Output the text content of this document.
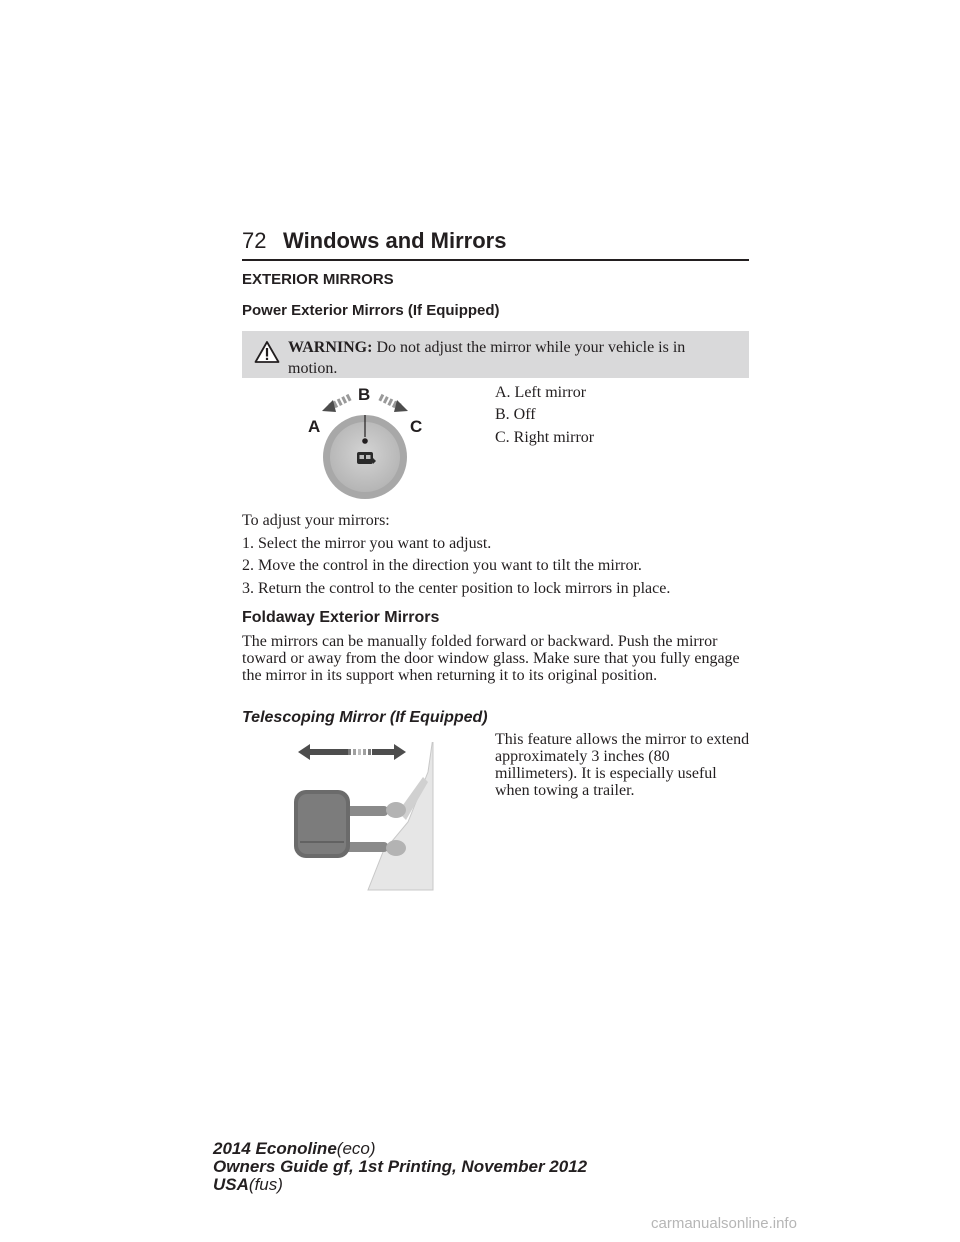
72 Windows and Mirrors
EXTERIOR MIRRORS
Power Exterior Mirrors (If Equipped)
WARNING: Do not adjust the mirror while your vehicle is in motion.
B
A	C
A. Left mirror
B. Off
C. Right mirror
To adjust your mirrors:
1. Select the mirror you want to adjust.
2. Move the control in the direction you want to tilt the mirror.
3. Return the control to the center position to lock mirrors in place.
Foldaway Exterior Mirrors
The mirrors can be manually folded forward or backward. Push the mirror toward or away from the door window glass. Make sure that you fully engage the mirror in its support when returning it to its original position.
Telescoping Mirror (If Equipped)
This feature allows the mirror to extend approximately 3 inches (80 millimeters). It is especially useful when towing a trailer.
2014 Econoline(eco)
Owners Guide gf, 1st Printing, November 2012
USA(fus)
carmanualsonline.info
